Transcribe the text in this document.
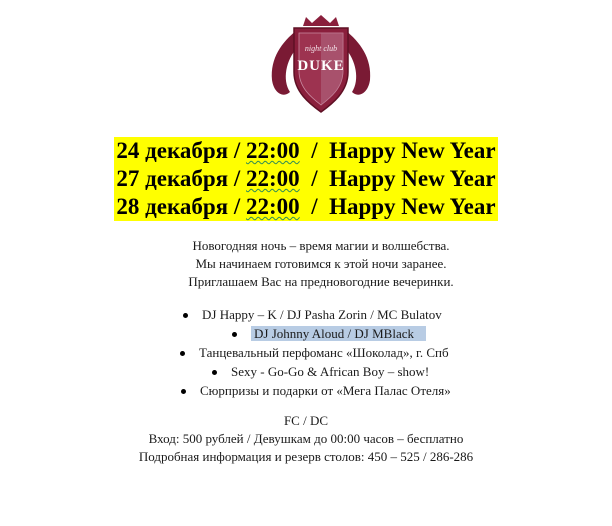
night club
DUKE
24 декабря / 22:00  /  Happy New Year
27 декабря / 22:00  /  Happy New Year
28 декабря / 22:00  /  Happy New Year

Новогодняя ночь – время магии и волшебства.

Мы начинаем готовимся к этой ночи заранее.

Приглашаем Вас на предновогодние вечеринки.

DJ Happy – K / DJ Pasha Zorin / MC Bulatov
DJ Johnny Aloud / DJ MBlack
Танцевальный перфоманс «Шоколад», г. Спб
Sexy - Go-Go & African Boy – show!
Сюрпризы и подарки от «Мега Палас Отеля»

FC / DC

Вход: 500 рублей / Девушкам до 00:00 часов – бесплатно

Подробная информация и резерв столов: 450 – 525 / 286-286
